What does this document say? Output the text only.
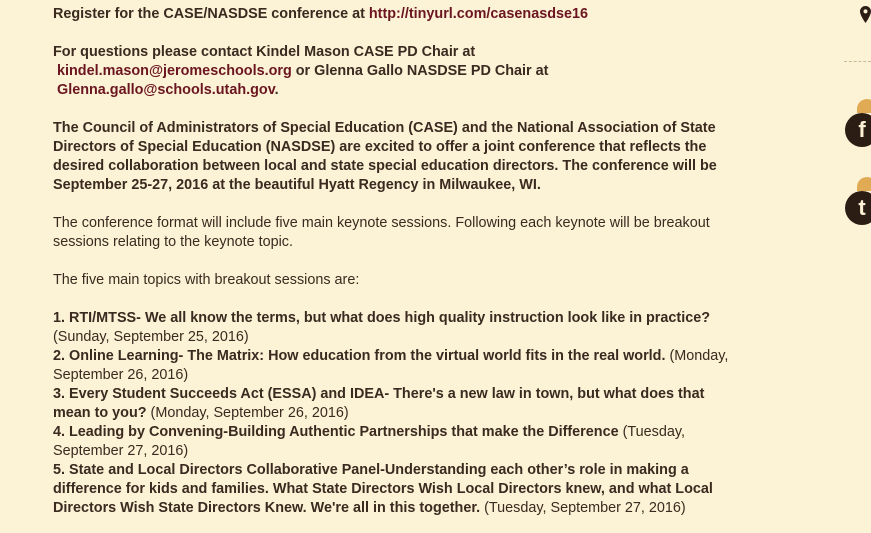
Register for the CASE/NASDSE conference at http://tinyurl.com/casenasdse16

For questions please contact Kindel Mason CASE PD Chair at
kindel.mason@jeromeschools.org or Glenna Gallo NASDSE PD Chair at
Glenna.gallo@schools.utah.gov.

The Council of Administrators of Special Education (CASE) and the National Association of State Directors of Special Education (NASDSE) are excited to offer a joint conference that reflects the desired collaboration between local and state special education directors. The conference will be September 25-27, 2016 at the beautiful Hyatt Regency in Milwaukee, WI.

The conference format will include five main keynote sessions. Following each keynote will be breakout sessions relating to the keynote topic.

The five main topics with breakout sessions are:

1. RTI/MTSS- We all know the terms, but what does high quality instruction look like in practice? (Sunday, September 25, 2016)

2. Online Learning- The Matrix: How education from the virtual world fits in the real world. (Monday, September 26, 2016)

3. Every Student Succeeds Act (ESSA) and IDEA- There's a new law in town, but what does that mean to you? (Monday, September 26, 2016)

4. Leading by Convening-Building Authentic Partnerships that make the Difference (Tuesday, September 27, 2016)

5. State and Local Directors Collaborative Panel-Understanding each other’s role in making a difference for kids and families. What State Directors Wish Local Directors knew, and what Local Directors Wish State Directors Knew. We're all in this together. (Tuesday, September 27, 2016)

f
t
